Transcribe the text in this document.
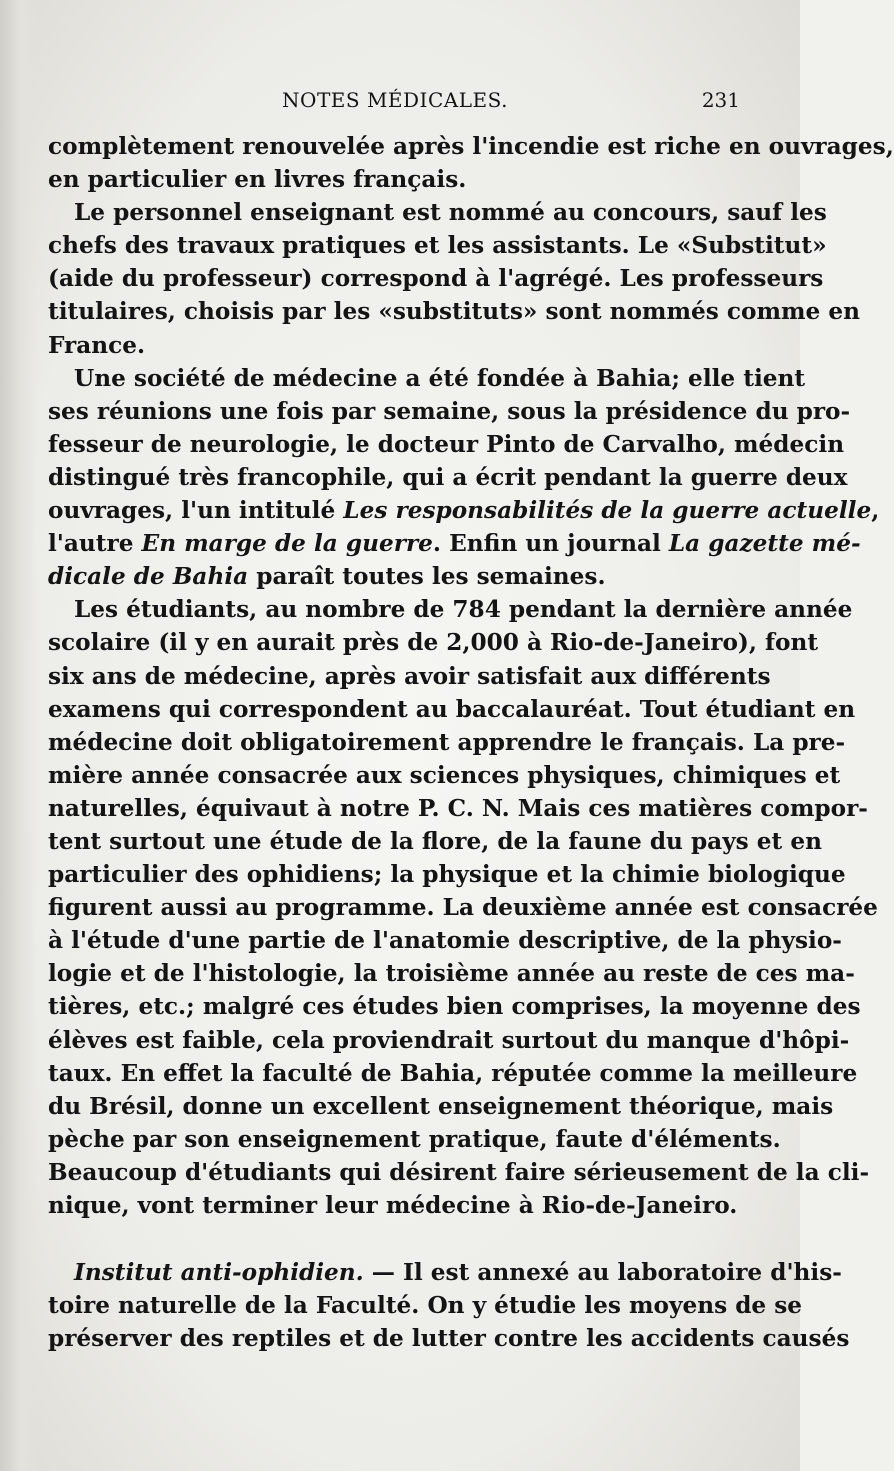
NOTES MÉDICALES.	231
complètement renouvelée après l'incendie est riche en ouvrages,
en particulier en livres français.
Le personnel enseignant est nommé au concours, sauf les
chefs des travaux pratiques et les assistants. Le «Substitut»
(aide du professeur) correspond à l'agrégé. Les professeurs
titulaires, choisis par les «substituts» sont nommés comme en
France.
Une société de médecine a été fondée à Bahia; elle tient
ses réunions une fois par semaine, sous la présidence du pro-
fesseur de neurologie, le docteur Pinto de Carvalho, médecin
distingué très francophile, qui a écrit pendant la guerre deux
ouvrages, l'un intitulé Les responsabilités de la guerre actuelle,
l'autre En marge de la guerre. Enfin un journal La gazette mé-
dicale de Bahia paraît toutes les semaines.
Les étudiants, au nombre de 784 pendant la dernière année
scolaire (il y en aurait près de 2,000 à Rio-de-Janeiro), font
six ans de médecine, après avoir satisfait aux différents
examens qui correspondent au baccalauréat. Tout étudiant en
médecine doit obligatoirement apprendre le français. La pre-
mière année consacrée aux sciences physiques, chimiques et
naturelles, équivaut à notre P. C. N. Mais ces matières compor-
tent surtout une étude de la flore, de la faune du pays et en
particulier des ophidiens; la physique et la chimie biologique
figurent aussi au programme. La deuxième année est consacrée
à l'étude d'une partie de l'anatomie descriptive, de la physio-
logie et de l'histologie, la troisième année au reste de ces ma-
tières, etc.; malgré ces études bien comprises, la moyenne des
élèves est faible, cela proviendrait surtout du manque d'hôpi-
taux. En effet la faculté de Bahia, réputée comme la meilleure
du Brésil, donne un excellent enseignement théorique, mais
pèche par son enseignement pratique, faute d'éléments.
Beaucoup d'étudiants qui désirent faire sérieusement de la cli-
nique, vont terminer leur médecine à Rio-de-Janeiro.
Institut anti-ophidien. — Il est annexé au laboratoire d'his-
toire naturelle de la Faculté. On y étudie les moyens de se
préserver des reptiles et de lutter contre les accidents causés
